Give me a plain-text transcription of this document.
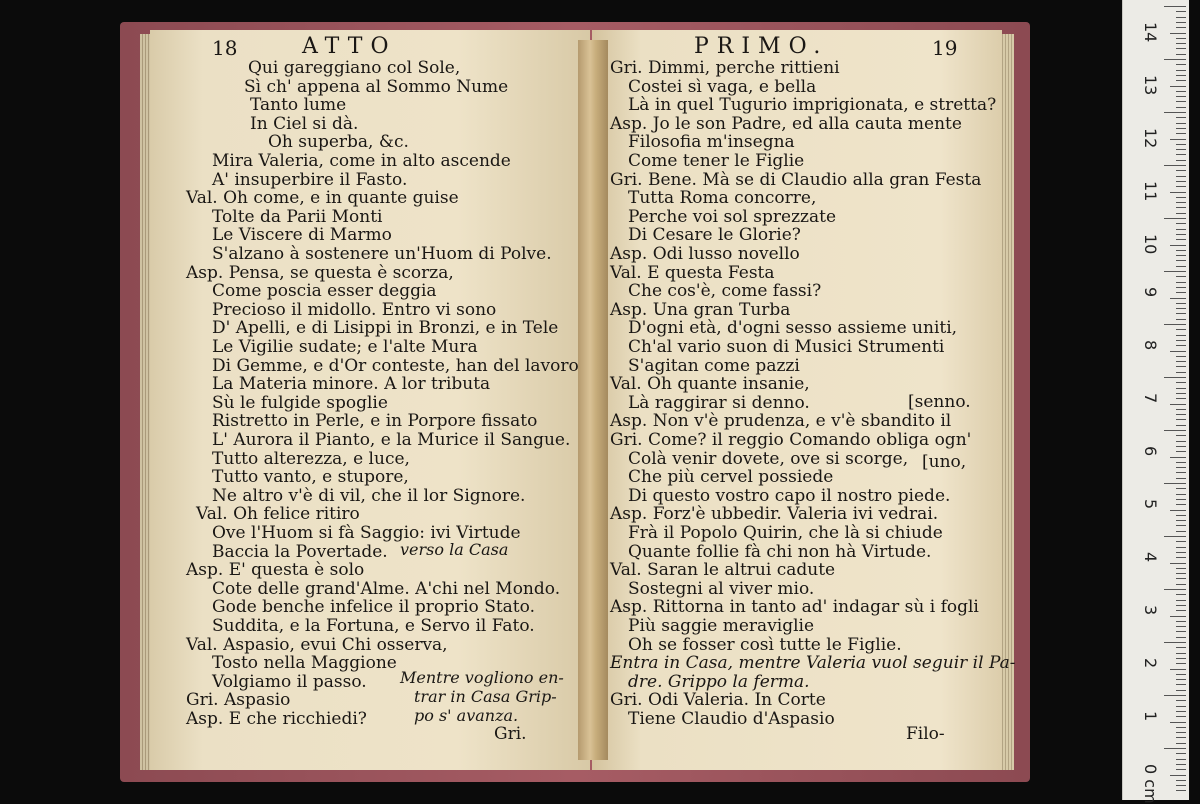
18	ATTO	PRIMO.	19
Qui gareggiano col Sole,
Sì ch' appena al Sommo Nume
Tanto lume
In Ciel si dà.
Oh superba, &c.
Mira Valeria, come in alto ascende
A' insuperbire il Fasto.
Val. Oh come, e in quante guise
Tolte da Parii Monti
Le Viscere di Marmo
S'alzano à sostenere un'Huom di Polve.
Asp. Pensa, se questa è scorza,
Come poscia esser deggia
Precioso il midollo. Entro vi sono
D' Apelli, e di Lisippi in Bronzi, e in Tele
Le Vigilie sudate; e l'alte Mura
Di Gemme, e d'Or conteste, han del lavoro
La Materia minore. A lor tributa
Sù le fulgide spoglie
Ristretto in Perle, e in Porpore fissato
L' Aurora il Pianto, e la Murice il Sangue.
Tutto alterezza, e luce,
Tutto vanto, e stupore,
Ne altro v'è di vil, che il lor Signore.
Val. Oh felice ritiro
Ove l'Huom si fà Saggio: ivi Virtude
Baccia la Povertade.
Asp. E' questa è solo
Cote delle grand'Alme. A'chi nel Mondo.
Gode benche infelice il proprio Stato.
Suddita, e la Fortuna, e Servo il Fato.
Val. Aspasio, evui Chi osserva,
Tosto nella Maggione
Volgiamo il passo.
Gri. Aspasio
Asp. E che ricchiedi?
Gri. Dimmi, perche rittieni
Costei sì vaga, e bella
Là in quel Tugurio imprigionata, e stretta?
Asp. Jo le son Padre, ed alla cauta mente
Filosofia m'insegna
Come tener le Figlie
Gri. Bene. Mà se di Claudio alla gran Festa
Tutta Roma concorre,
Perche voi sol sprezzate
Di Cesare le Glorie?
Asp. Odi lusso novello
Val. E questa Festa
Che cos'è, come fassi?
Asp. Una gran Turba
D'ogni età, d'ogni sesso assieme uniti,
Ch'al vario suon di Musici Strumenti
S'agitan come pazzi
Val. Oh quante insanie,
Là raggirar si denno.
Asp. Non v'è prudenza, e v'è sbandito il
Gri. Come? il reggio Comando obliga ogn'
Colà venir dovete, ove si scorge,
Che più cervel possiede
Di questo vostro capo il nostro piede.
Asp. Forz'è ubbedir. Valeria ivi vedrai.
Frà il Popolo Quirin, che là si chiude
Quante follie fà chi non hà Virtude.
Val. Saran le altrui cadute
Sostegni al viver mio.
Asp. Rittorna in tanto ad' indagar sù i fogli
Più saggie meraviglie
Oh se fosser così tutte le Figlie.
Entra in Casa, mentre Valeria vuol seguir il Pa-
dre. Grippo la ferma.
Gri. Odi Valeria. In Corte
Tiene Claudio d'Aspasio
verso la Casa
Mentre vogliono en-
trar in Casa Grip-
po s' avanza.
Gri.
[senno.
[uno,
Filo-
14
13
12
11
10
9
8
7
6
5
4
3
2
1
0 cm
